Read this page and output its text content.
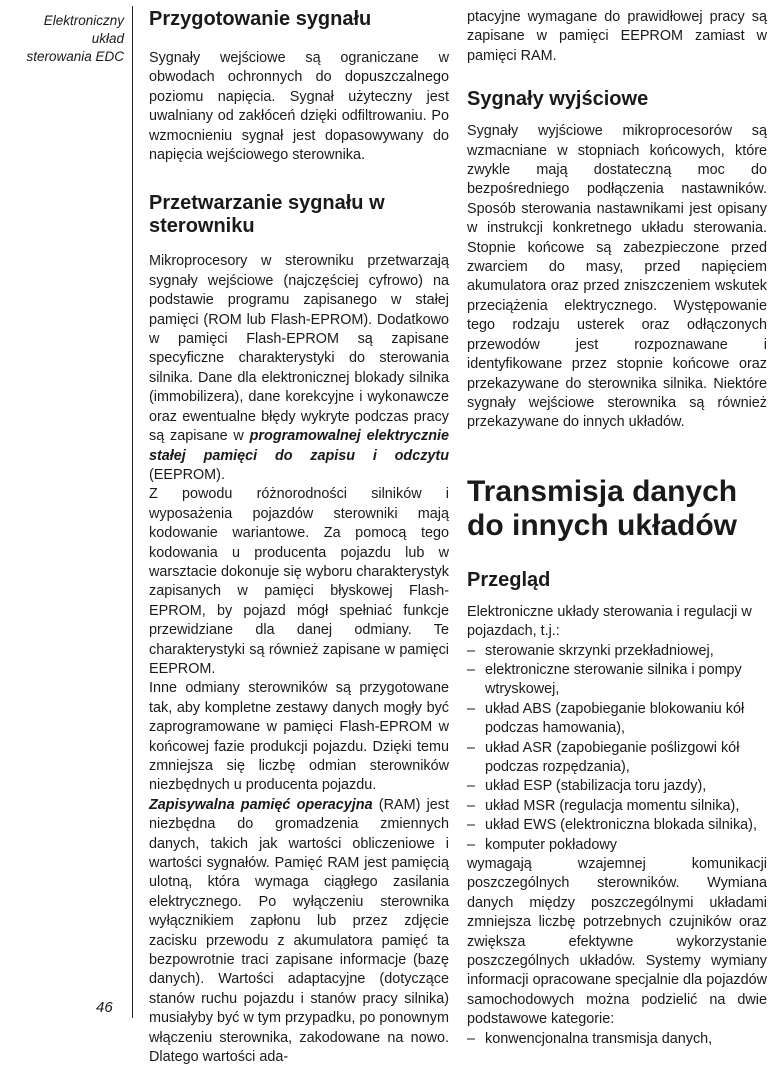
Elektroniczny
układ
sterowania EDC
46
Przygotowanie sygnału

Sygnały wejściowe są ograniczane w obwodach ochronnych do dopuszczalnego poziomu napięcia. Sygnał użyteczny jest uwalniany od zakłóceń dzięki odfiltrowaniu. Po wzmocnieniu sygnał jest dopasowywany do napięcia wejściowego sterownika.

Przetwarzanie sygnału w sterowniku

Mikroprocesory w sterowniku przetwarzają sygnały wejściowe (najczęściej cyfrowo) na podstawie programu zapisanego w stałej pamięci (ROM lub Flash-EPROM). Dodatkowo w pamięci Flash-EPROM są zapisane specyficzne charakterystyki do sterowania silnika. Dane dla elektronicznej blokady silnika (immobilizera), dane korekcyjne i wykonawcze oraz ewentualne błędy wykryte podczas pracy są zapisane w programowalnej elektrycznie stałej pamięci do zapisu i odczytu (EEPROM).

Z powodu różnorodności silników i wyposażenia pojazdów sterowniki mają kodowanie wariantowe. Za pomocą tego kodowania u producenta pojazdu lub w warsztacie dokonuje się wyboru charakterystyk zapisanych w pamięci błyskowej Flash-EPROM, by pojazd mógł spełniać funkcje przewidziane dla danej odmiany. Te charakterystyki są również zapisane w pamięci EEPROM.

Inne odmiany sterowników są przygotowane tak, aby kompletne zestawy danych mogły być zaprogramowane w pamięci Flash-EPROM w końcowej fazie produkcji pojazdu. Dzięki temu zmniejsza się liczbę odmian sterowników niezbędnych u producenta pojazdu.

Zapisywalna pamięć operacyjna (RAM) jest niezbędna do gromadzenia zmiennych danych, takich jak wartości obliczeniowe i wartości sygnałów. Pamięć RAM jest pamięcią ulotną, która wymaga ciągłego zasilania elektrycznego. Po wyłączeniu sterownika wyłącznikiem zapłonu lub przez zdjęcie zacisku przewodu z akumulatora pamięć ta bezpowrotnie traci zapisane informacje (bazę danych). Wartości adaptacyjne (dotyczące stanów ruchu pojazdu i stanów pracy silnika) musiałyby być w tym przypadku, po ponownym włączeniu sterownika, zakodowane na nowo. Dlatego wartości ada-

ptacyjne wymagane do prawidłowej pracy są zapisane w pamięci EEPROM zamiast w pamięci RAM.

Sygnały wyjściowe

Sygnały wyjściowe mikroprocesorów są wzmacniane w stopniach końcowych, które zwykle mają dostateczną moc do bezpośredniego podłączenia nastawników. Sposób sterowania nastawnikami jest opisany w instrukcji konkretnego układu sterowania. Stopnie końcowe są zabezpieczone przed zwarciem do masy, przed napięciem akumulatora oraz przed zniszczeniem wskutek przeciążenia elektrycznego. Występowanie tego rodzaju usterek oraz odłączonych przewodów jest rozpoznawane i identyfikowane przez stopnie końcowe oraz przekazywane do sterownika silnika. Niektóre sygnały wejściowe sterownika są również przekazywane do innych układów.

Transmisja danych
do innych układów
Przegląd

Elektroniczne układy sterowania i regulacji w pojazdach, t.j.:

– sterowanie skrzynki przekładniowej,
– elektroniczne sterowanie silnika i pompy wtryskowej,
– układ ABS (zapobieganie blokowaniu kół podczas hamowania),
– układ ASR (zapobieganie poślizgowi kół podczas rozpędzania),
– układ ESP (stabilizacja toru jazdy),
– układ MSR (regulacja momentu silnika),
– układ EWS (elektroniczna blokada silnika),
– komputer pokładowy

wymagają wzajemnej komunikacji poszczególnych sterowników. Wymiana danych między poszczególnymi układami zmniejsza liczbę potrzebnych czujników oraz zwiększa efektywne wykorzystanie poszczególnych układów. Systemy wymiany informacji opracowane specjalnie dla pojazdów samochodowych można podzielić na dwie podstawowe kategorie:

– konwencjonalna transmisja danych,
